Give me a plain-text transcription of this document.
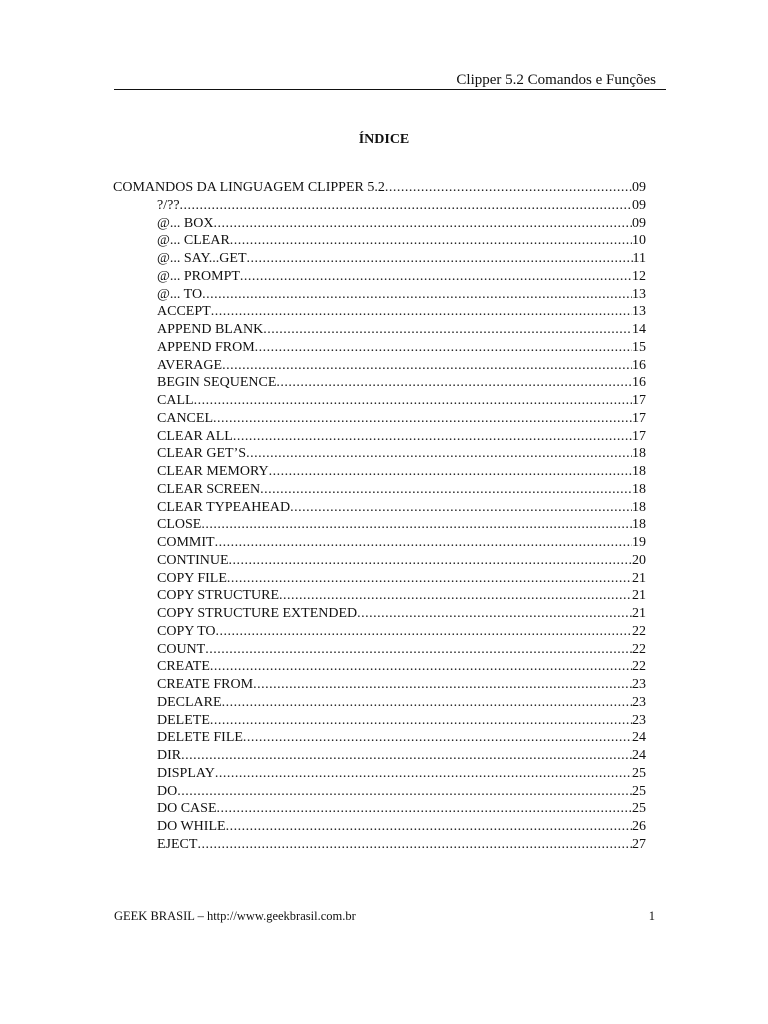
Clipper 5.2 Comandos e Funções
ÍNDICE
COMANDOS DA LINGUAGEM CLIPPER 5.2 .....	09
?/?? .....	09
@... BOX .....	09
@... CLEAR .....	10
@... SAY...GET .....	11
@... PROMPT .....	12
@... TO .....	13
ACCEPT .....	13
APPEND BLANK .....	14
APPEND FROM .....	15
AVERAGE .....	16
BEGIN SEQUENCE .....	16
CALL .....	17
CANCEL .....	17
CLEAR ALL .....	17
CLEAR GET’S .....	18
CLEAR MEMORY .....	18
CLEAR SCREEN .....	18
CLEAR TYPEAHEAD .....	18
CLOSE .....	18
COMMIT .....	19
CONTINUE .....	20
COPY FILE .....	21
COPY STRUCTURE .....	21
COPY STRUCTURE EXTENDED .....	21
COPY TO .....	22
COUNT .....	22
CREATE .....	22
CREATE FROM .....	23
DECLARE .....	23
DELETE .....	23
DELETE FILE .....	24
DIR .....	24
DISPLAY .....	25
DO .....	25
DO CASE .....	25
DO WHILE .....	26
EJECT .....	27
GEEK BRASIL – http://www.geekbrasil.com.br	1
